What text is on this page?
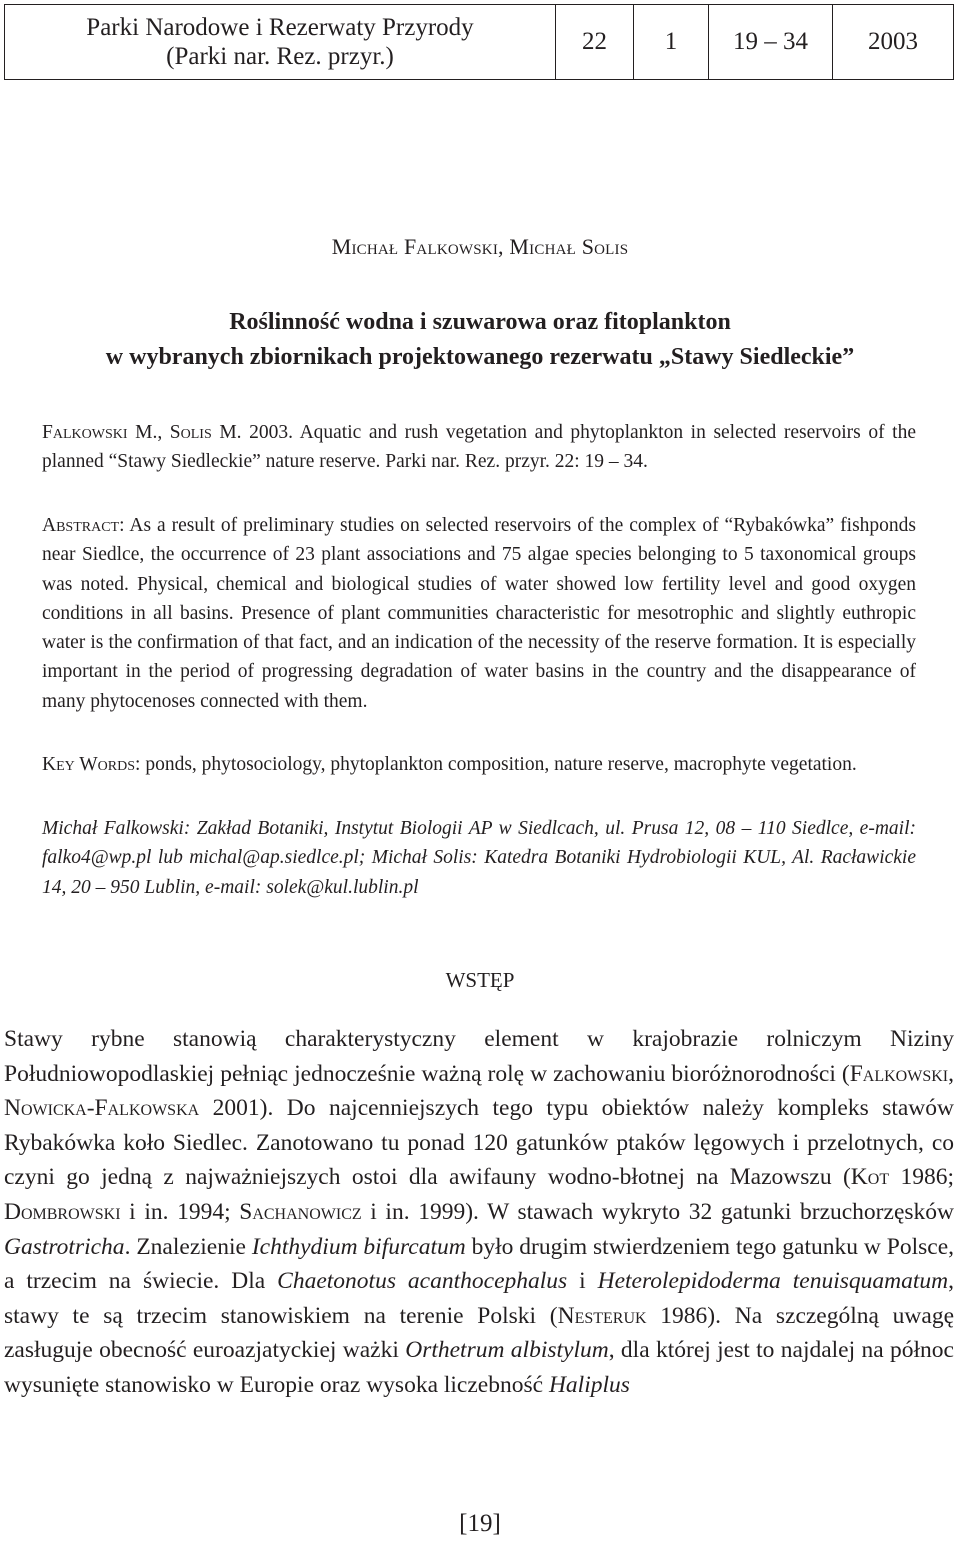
Parki Narodowe i Rezerwaty Przyrody
(Parki nar. Rez. przyr.)
22	1	19 – 34	2003
Michał Falkowski, Michał Solis
Roślinność wodna i szuwarowa oraz fitoplankton
w wybranych zbiornikach projektowanego rezerwatu „Stawy Siedleckie”
Falkowski M., Solis M. 2003. Aquatic and rush vegetation and phytoplankton in selected reservoirs of the planned “Stawy Siedleckie” nature reserve. Parki nar. Rez. przyr. 22: 19 – 34.
Abstract: As a result of preliminary studies on selected reservoirs of the complex of “Rybakówka” fishponds near Siedlce, the occurrence of 23 plant associations and 75 algae species belonging to 5 taxonomical groups was noted. Physical, chemical and biological studies of water showed low fertility level and good oxygen conditions in all basins. Presence of plant communities characteristic for mesotrophic and slightly euthropic water is the confirmation of that fact, and an indication of the necessity of the reserve formation. It is especially important in the period of progressing degradation of water basins in the country and the disappearance of many phytocenoses connected with them.
Key Words: ponds, phytosociology, phytoplankton composition, nature reserve, macrophyte vegetation.
Michał Falkowski: Zakład Botaniki, Instytut Biologii AP w Siedlcach, ul. Prusa 12, 08 – 110 Siedlce, e-mail: falko4@wp.pl lub michal@ap.siedlce.pl; Michał Solis: Katedra Botaniki Hydrobiologii KUL, Al. Racławickie 14, 20 – 950 Lublin, e-mail: solek@kul.lublin.pl
WSTĘP
Stawy rybne stanowią charakterystyczny element w krajobrazie rolniczym Niziny Południowopodlaskiej pełniąc jednocześnie ważną rolę w zachowaniu bioróżnorodności (Falkowski, Nowicka-Falkowska 2001). Do najcenniejszych tego typu obiektów należy kompleks stawów Rybakówka koło Siedlec. Zanotowano tu ponad 120 gatunków ptaków lęgowych i przelotnych, co czyni go jedną z najważniejszych ostoi dla awifauny wodno-błotnej na Mazowszu (Kot 1986; Dombrowski i in. 1994; Sachanowicz i in. 1999). W stawach wykryto 32 gatunki brzuchorzęsków Gastrotricha. Znalezienie Ichthydium bifurcatum było drugim stwierdzeniem tego gatunku w Polsce, a trzecim na świecie. Dla Chaetonotus acanthocephalus i Heterolepidoderma tenuisquamatum, stawy te są trzecim stanowiskiem na terenie Polski (Nesteruk 1986). Na szczególną uwagę zasługuje obecność euroazjatyckiej ważki Orthetrum albistylum, dla której jest to najdalej na północ wysunięte stanowisko w Europie oraz wysoka liczebność Haliplus
[19]
